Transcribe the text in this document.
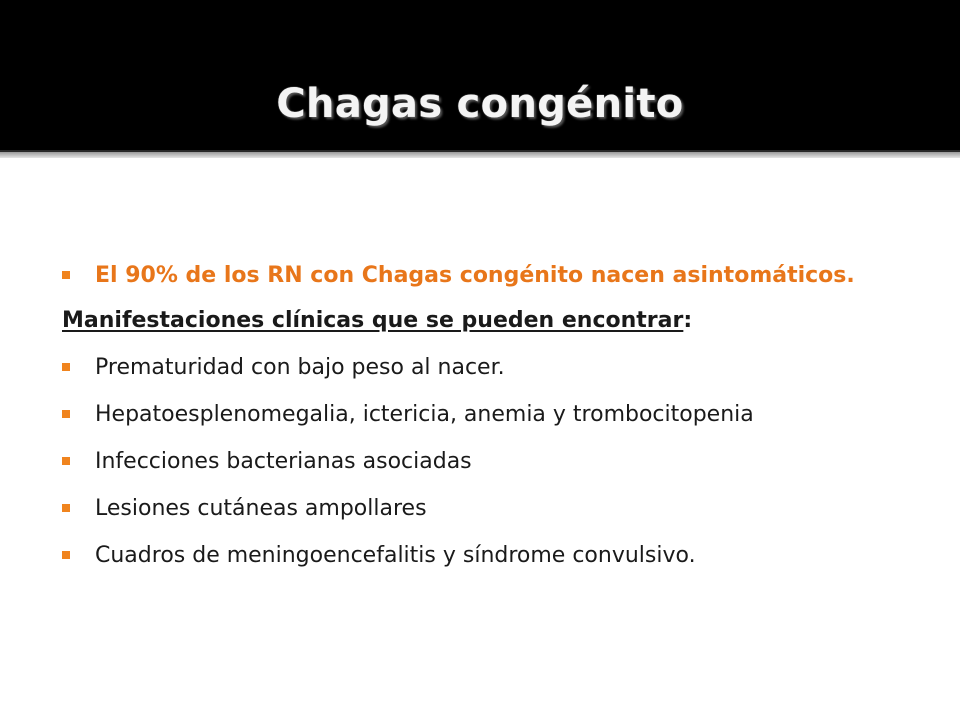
Chagas congénito
El 90% de los RN con Chagas congénito nacen asintomáticos.
Manifestaciones clínicas que se pueden encontrar:
Prematuridad con bajo peso al nacer.
Hepatoesplenomegalia, ictericia, anemia y trombocitopenia
Infecciones bacterianas asociadas
Lesiones cutáneas ampollares
Cuadros de meningoencefalitis y síndrome convulsivo.
